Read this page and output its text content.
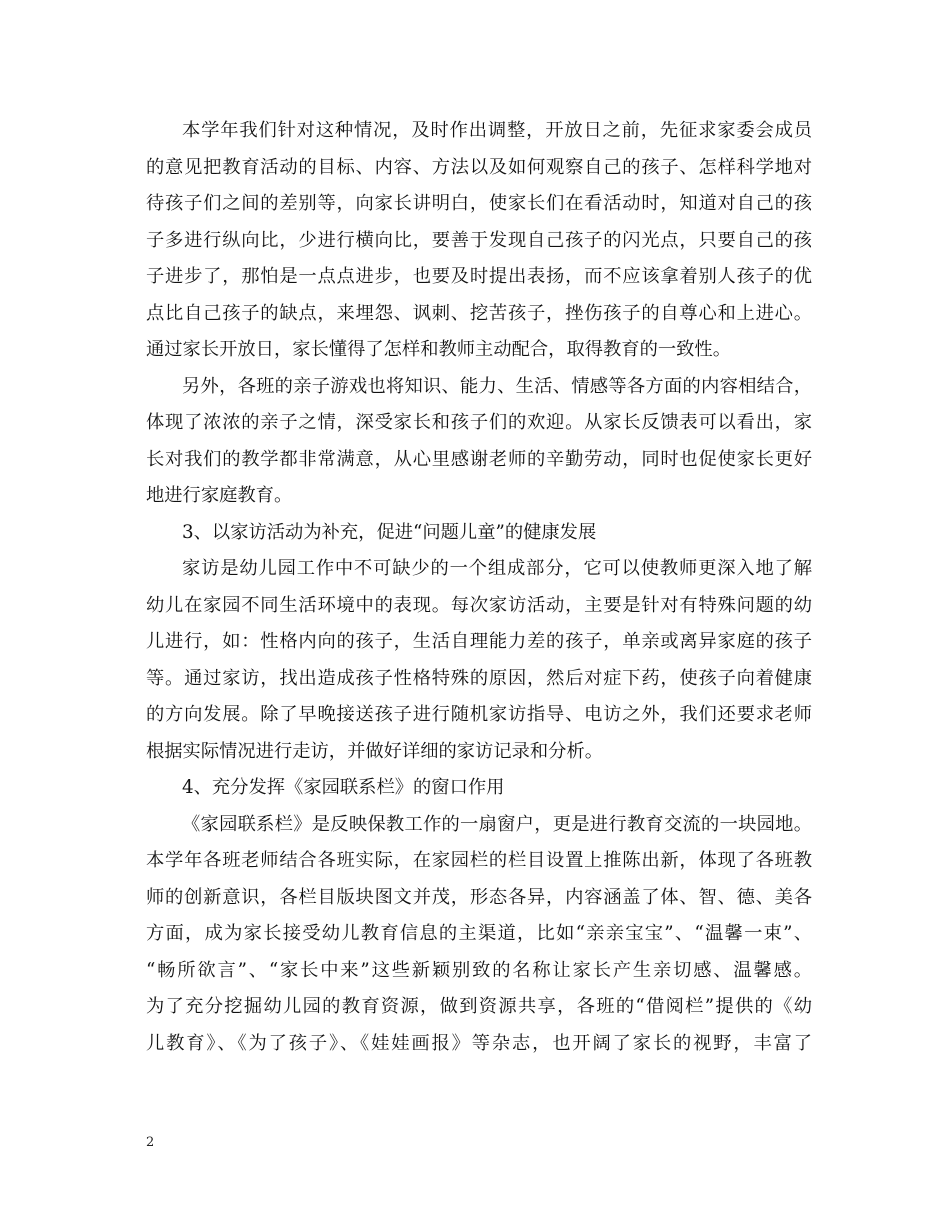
本学年我们针对这种情况，及时作出调整，开放日之前，先征求家委会成员
的意见把教育活动的目标、内容、方法以及如何观察自己的孩子、怎样科学地对
待孩子们之间的差别等，向家长讲明白，使家长们在看活动时，知道对自己的孩
子多进行纵向比，少进行横向比，要善于发现自己孩子的闪光点，只要自己的孩
子进步了，那怕是一点点进步，也要及时提出表扬，而不应该拿着别人孩子的优
点比自己孩子的缺点，来埋怨、讽刺、挖苦孩子，挫伤孩子的自尊心和上进心。
通过家长开放日，家长懂得了怎样和教师主动配合，取得教育的一致性。
另外，各班的亲子游戏也将知识、能力、生活、情感等各方面的内容相结合，
体现了浓浓的亲子之情，深受家长和孩子们的欢迎。从家长反馈表可以看出，家
长对我们的教学都非常满意，从心里感谢老师的辛勤劳动，同时也促使家长更好
地进行家庭教育。
3、以家访活动为补充，促进“问题儿童”的健康发展
家访是幼儿园工作中不可缺少的一个组成部分，它可以使教师更深入地了解
幼儿在家园不同生活环境中的表现。每次家访活动，主要是针对有特殊问题的幼
儿进行，如：性格内向的孩子，生活自理能力差的孩子，单亲或离异家庭的孩子
等。通过家访，找出造成孩子性格特殊的原因，然后对症下药，使孩子向着健康
的方向发展。除了早晚接送孩子进行随机家访指导、电访之外，我们还要求老师
根据实际情况进行走访，并做好详细的家访记录和分析。
4、充分发挥《家园联系栏》的窗口作用
《家园联系栏》是反映保教工作的一扇窗户，更是进行教育交流的一块园地。
本学年各班老师结合各班实际，在家园栏的栏目设置上推陈出新，体现了各班教
师的创新意识，各栏目版块图文并茂，形态各异，内容涵盖了体、智、德、美各
方面，成为家长接受幼儿教育信息的主渠道，比如“亲亲宝宝”、“温馨一束”、
“畅所欲言”、“家长中来”这些新颖别致的名称让家长产生亲切感、温馨感。
为了充分挖掘幼儿园的教育资源，做到资源共享，各班的“借阅栏”提供的《幼
儿教育》、《为了孩子》、《娃娃画报》等杂志，也开阔了家长的视野，丰富了
2
